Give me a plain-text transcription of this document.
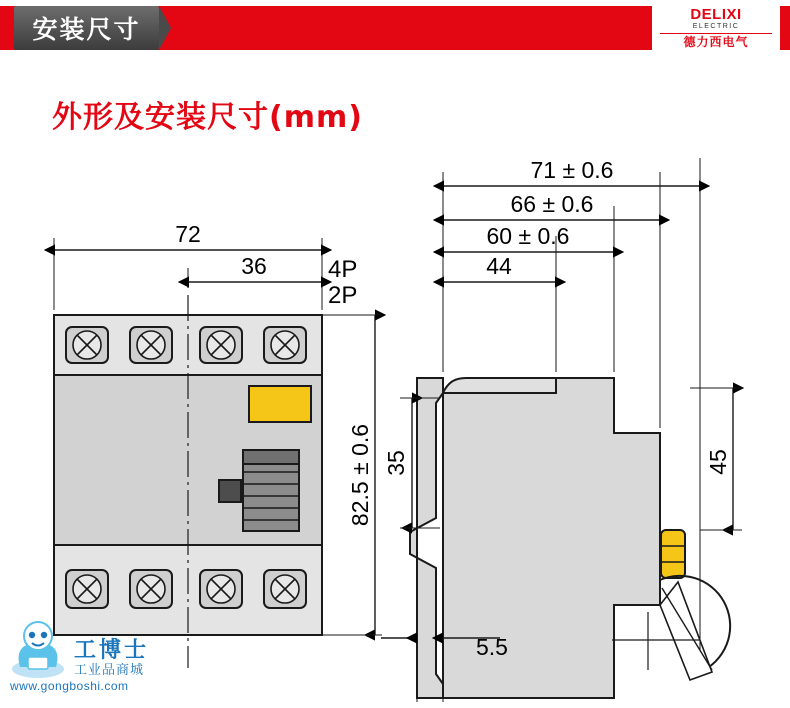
安装尺寸
DELIXI
ELECTRIC
德力西电气
外形及安装尺寸(mm)
72
36	4P
2P
82.5 ± 0.6
71 ± 0.6
66 ± 0.6
60 ± 0.6
44
35	45
5.5
工博士
工业品商城
www.gongboshi.com
